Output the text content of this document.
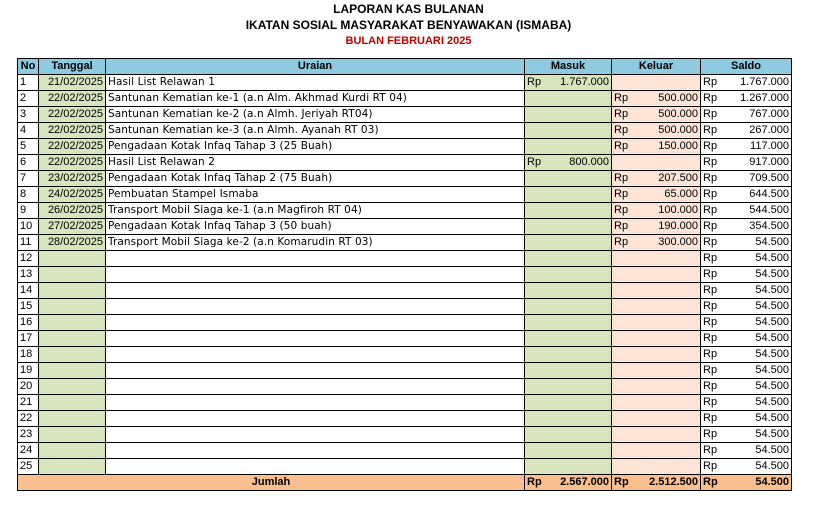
LAPORAN KAS BULANAN
IKATAN SOSIAL MASYARAKAT BENYAWAKAN (ISMABA)
BULAN FEBRUARI 2025
No	Tanggal	Uraian	Masuk	Keluar	Saldo
1	21/02/2025	Hasil List Relawan 1	Rp 1.767.000		Rp 1.767.000

2	22/02/2025	Santunan Kematian ke-1 (a.n Alm. Akhmad Kurdi RT 04)		Rp 500.000	Rp 1.267.000

3	22/02/2025	Santunan Kematian ke-2 (a.n Almh. Jeriyah RT04)		Rp 500.000	Rp 767.000

4	22/02/2025	Santunan Kematian ke-3 (a.n Almh. Ayanah RT 03)		Rp 500.000	Rp 267.000

5	22/02/2025	Pengadaan Kotak Infaq Tahap 3 (25 Buah)		Rp 150.000	Rp 117.000

6	22/02/2025	Hasil List Relawan 2	Rp 800.000		Rp 917.000

7	23/02/2025	Pengadaan Kotak Infaq Tahap 2 (75 Buah)		Rp 207.500	Rp 709.500

8	24/02/2025	Pembuatan Stampel Ismaba		Rp 65.000	Rp 644.500

9	26/02/2025	Transport Mobil Siaga ke-1 (a.n Magfiroh RT 04)		Rp 100.000	Rp 544.500

10	27/02/2025	Pengadaan Kotak Infaq Tahap 3 (50 buah)		Rp 190.000	Rp 354.500

11	28/02/2025	Transport Mobil Siaga ke-2 (a.n Komarudin RT 03)		Rp 300.000	Rp 54.500

12					Rp 54.500

13					Rp 54.500

14					Rp 54.500

15					Rp 54.500

16					Rp 54.500

17					Rp 54.500

18					Rp 54.500

19					Rp 54.500

20					Rp 54.500

21					Rp 54.500

22					Rp 54.500

23					Rp 54.500

24					Rp 54.500

25					Rp 54.500

Jumlah			Rp 2.567.000	Rp 2.512.500	Rp 54.500
